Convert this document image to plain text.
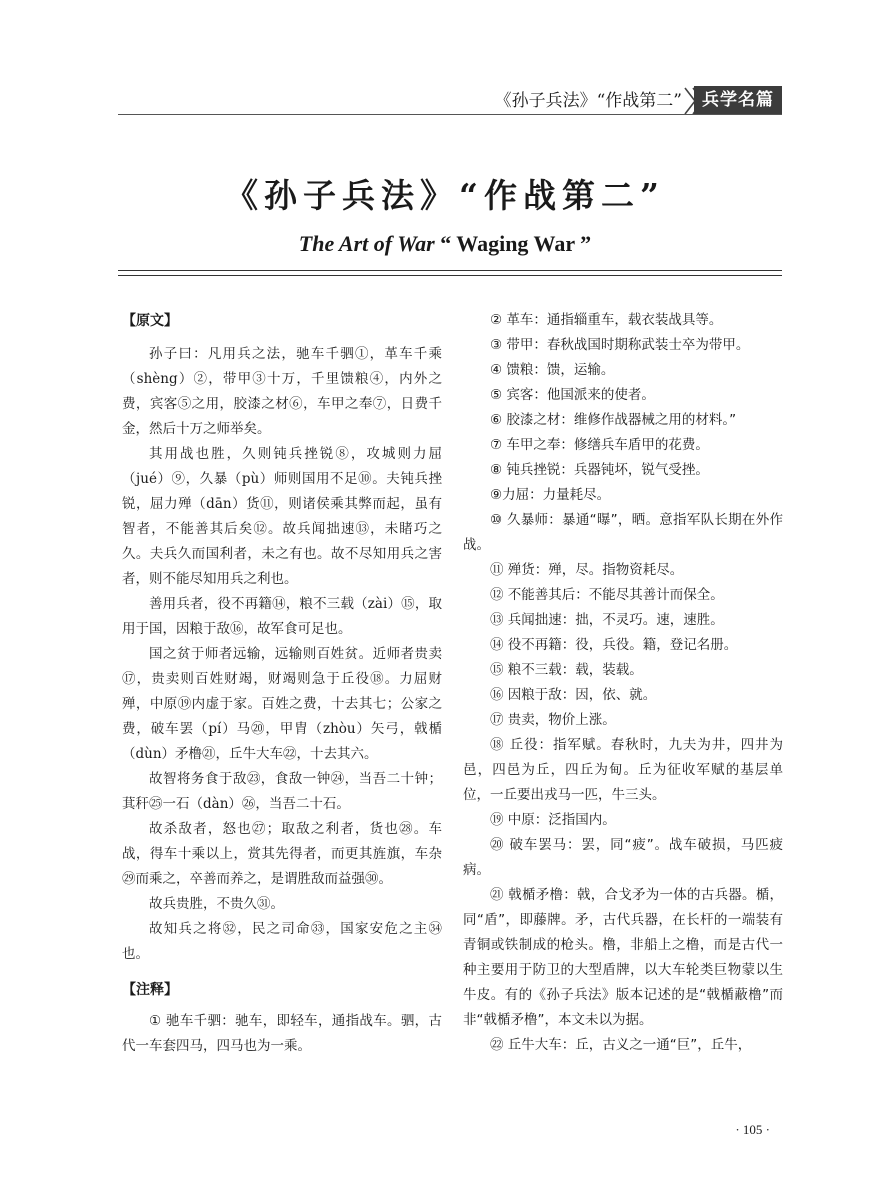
《孙子兵法》“作战第二”	兵学名篇
《孙子兵法》“作战第二”
The Art of War “ Waging War ”

【原文】

孙子曰：凡用兵之法，驰车千驷①，革车千乘（shèng）②，带甲③十万，千里馈粮④，内外之费，宾客⑤之用，胶漆之材⑥，车甲之奉⑦，日费千金，然后十万之师举矣。

其用战也胜，久则钝兵挫锐⑧，攻城则力屈（jué）⑨，久暴（pù）师则国用不足⑩。夫钝兵挫锐，屈力殚（dān）货⑪，则诸侯乘其弊而起，虽有智者，不能善其后矣⑫。故兵闻拙速⑬，未睹巧之久。夫兵久而国利者，未之有也。故不尽知用兵之害者，则不能尽知用兵之利也。

善用兵者，役不再籍⑭，粮不三载（zài）⑮，取用于国，因粮于敌⑯，故军食可足也。

国之贫于师者远输，远输则百姓贫。近师者贵卖⑰，贵卖则百姓财竭，财竭则急于丘役⑱。力屈财殚，中原⑲内虚于家。百姓之费，十去其七；公家之费，破车罢（pí）马⑳，甲胄（zhòu）矢弓，戟楯（dùn）矛橹㉑，丘牛大车㉒，十去其六。

故智将务食于敌㉓，食敌一钟㉔，当吾二十钟；萁秆㉕一石（dàn）㉖，当吾二十石。

故杀敌者，怒也㉗；取敌之利者，货也㉘。车战，得车十乘以上，赏其先得者，而更其旌旗，车杂㉙而乘之，卒善而养之，是谓胜敌而益强㉚。

故兵贵胜，不贵久㉛。

故知兵之将㉜，民之司命㉝，国家安危之主㉞也。

【注释】

① 驰车千驷：驰车，即轻车，通指战车。驷，古代一车套四马，四马也为一乘。

② 革车：通指辎重车，载衣装战具等。

③ 带甲：春秋战国时期称武装士卒为带甲。

④ 馈粮：馈，运输。

⑤ 宾客：他国派来的使者。

⑥ 胶漆之材：维修作战器械之用的材料。”

⑦ 车甲之奉：修缮兵车盾甲的花费。

⑧ 钝兵挫锐：兵器钝坏，锐气受挫。

⑨力屈：力量耗尽。

⑩ 久暴师：暴通“曝”，晒。意指军队长期在外作战。

⑪ 殚货：殚，尽。指物资耗尽。

⑫ 不能善其后：不能尽其善计而保全。

⑬ 兵闻拙速：拙，不灵巧。速，速胜。

⑭ 役不再籍：役，兵役。籍，登记名册。

⑮ 粮不三载：载，装载。

⑯ 因粮于敌：因，依、就。

⑰ 贵卖，物价上涨。

⑱ 丘役：指军赋。春秋时，九夫为井，四井为邑，四邑为丘，四丘为甸。丘为征收军赋的基层单位，一丘要出戎马一匹，牛三头。

⑲ 中原：泛指国内。

⑳ 破车罢马：罢，同“疲”。战车破损，马匹疲病。

㉑ 戟楯矛橹：戟，合戈矛为一体的古兵器。楯，同“盾”，即藤牌。矛，古代兵器，在长杆的一端装有青铜或铁制成的枪头。橹，非船上之橹，而是古代一种主要用于防卫的大型盾牌，以大车轮类巨物蒙以生牛皮。有的《孙子兵法》版本记述的是“戟楯蔽橹”而非“戟楯矛橹”，本文未以为据。

㉒ 丘牛大车：丘，古义之一通“巨”，丘牛，

· 105 ·
